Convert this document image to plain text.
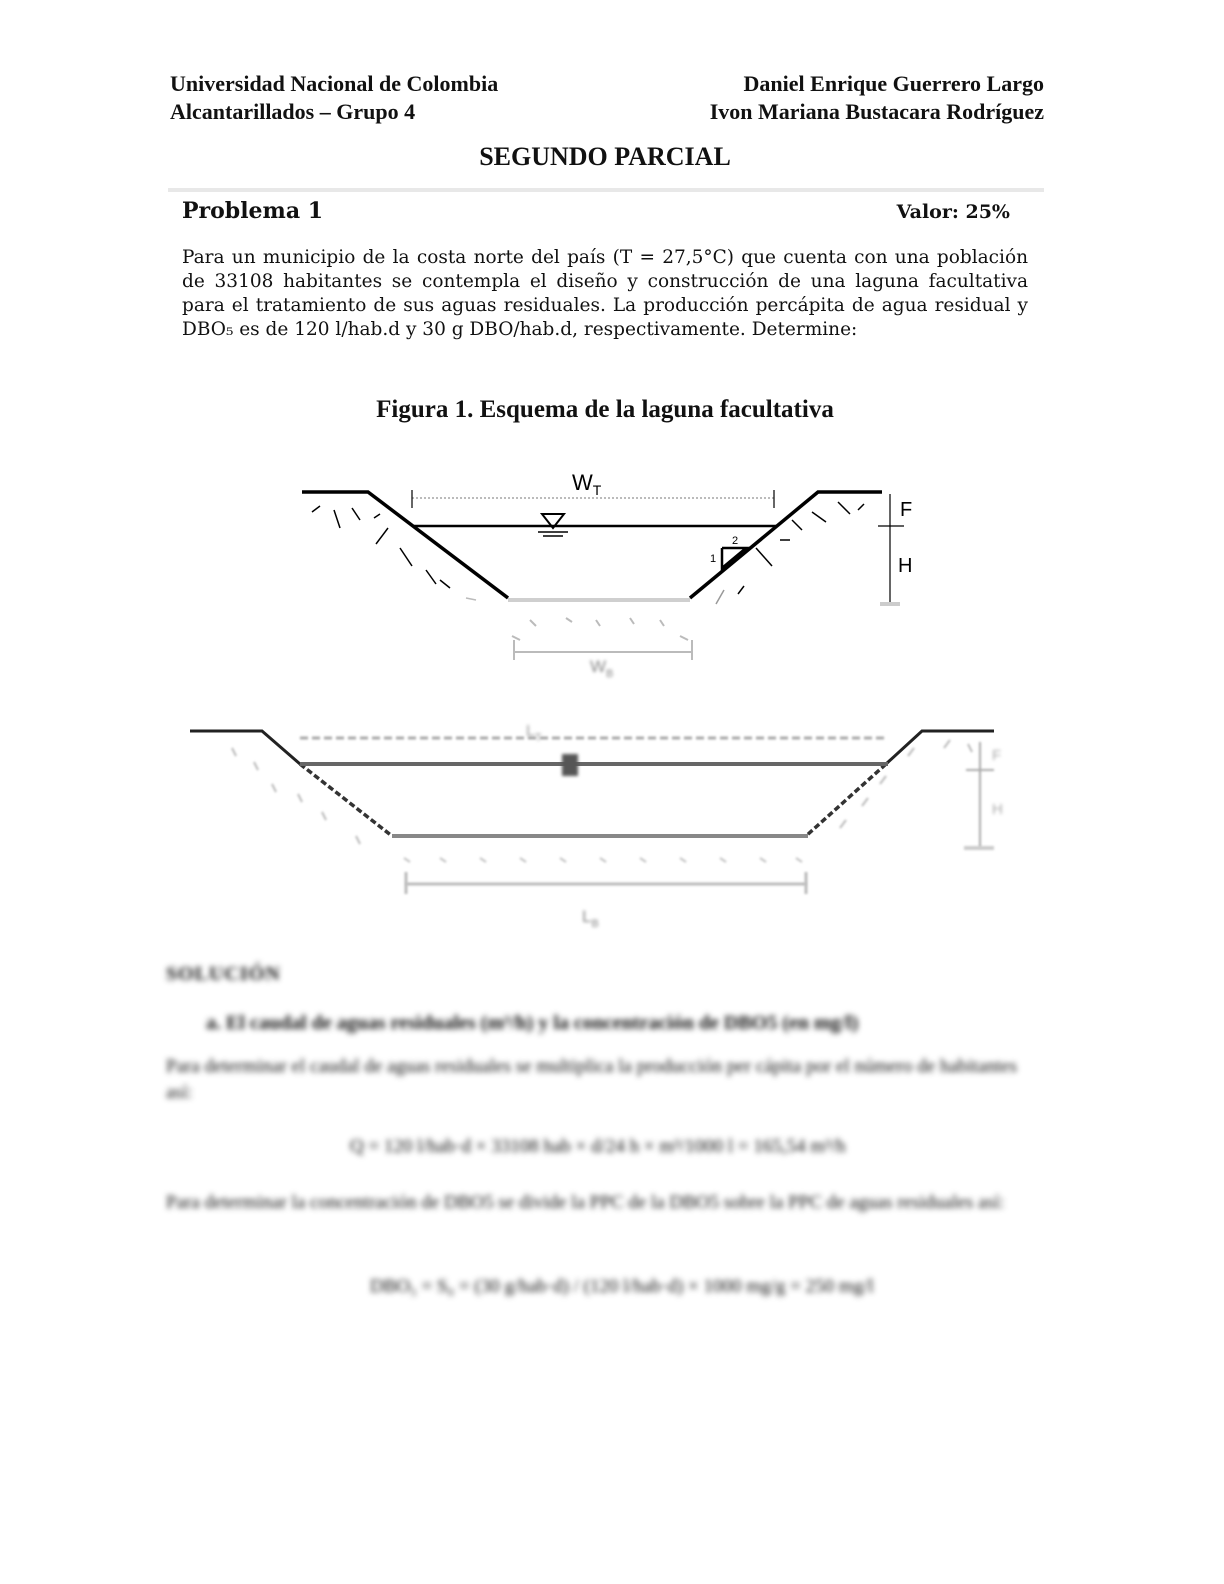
Universidad Nacional de Colombia
Alcantarillados – Grupo 4
Daniel Enrique Guerrero Largo
Ivon Mariana Bustacara Rodríguez
SEGUNDO PARCIAL
Problema 1	Valor: 25%
Para un municipio de la costa norte del país (T = 27,5°C) que cuenta con una población de 33108 habitantes se contempla el diseño y construcción de una laguna facultativa para el tratamiento de sus aguas residuales. La producción percápita de agua residual y DBO₅ es de 120 l/hab.d y 30 g DBO/hab.d, respectivamente. Determine:
Figura 1. Esquema de la laguna facultativa
$W_T$
F
H
2
1
$W_B$
$L_T$
F
H
$L_B$
SOLUCIÓN
a. El caudal de aguas residuales (m³/h) y la concentración de DBO5 (en mg/l)
Para determinar el caudal de aguas residuales se multiplica la producción per cápita por el número de habitantes así:
Q = 120 l/hab·d × 33108 hab × d/24 h × m³/1000 l = 165,54 m³/h
Para determinar la concentración de DBO5 se divide la PPC de la DBO5 sobre la PPC de aguas residuales así:
DBO₅ = S₀ = (30 g/hab·d) / (120 l/hab·d) × 1000 mg/g = 250 mg/l
